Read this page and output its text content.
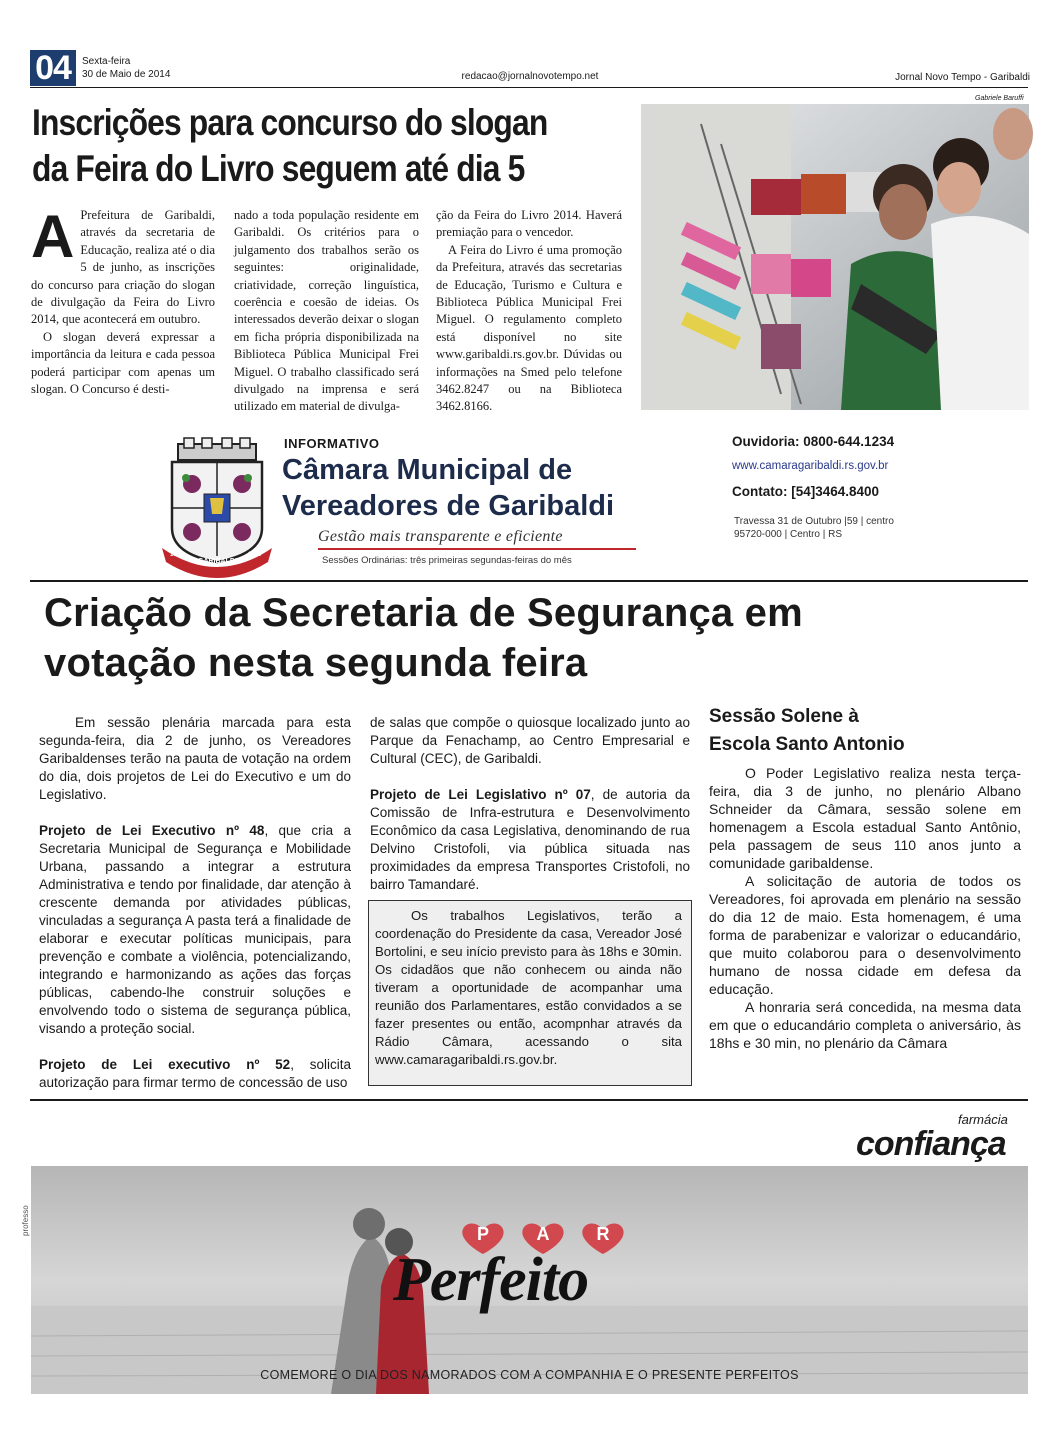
04	Sexta-feira
30 de Maio de 2014	redacao@jornalnovotempo.net	Jornal Novo Tempo - Garibaldi
Inscrições para concurso do slogan
da Feira do Livro seguem até dia 5
A Prefeitura de Garibaldi, através da secretaria de Educação, realiza até o dia 5 de junho, as inscrições do concurso para criação do slogan de divulgação da Feira do Livro 2014, que acontecerá em outubro.

O slogan deverá expressar a importância da leitura e cada pessoa poderá participar com apenas um slogan. O Concurso é desti-

nado a toda população residente em Garibaldi. Os critérios para o julgamento dos trabalhos serão os seguintes: originalidade, criatividade, correção linguística, coerência e coesão de ideias. Os interessados deverão deixar o slogan em ficha própria disponibilizada na Biblioteca Pública Municipal Frei Miguel. O trabalho classificado será divulgado na imprensa e será utilizado em material de divulga-

ção da Feira do Livro 2014. Haverá premiação para o vencedor.

A Feira do Livro é uma promoção da Prefeitura, através das secretarias de Educação, Turismo e Cultura e Biblioteca Pública Municipal Frei Miguel. O regulamento completo está disponível no site www.garibaldi.rs.gov.br. Dúvidas ou informações na Smed pelo telefone 3462.8247 ou na Biblioteca 3462.8166.

Gabriele Baruffi
GARIBALDI
1870	1900
INFORMATIVO
Câmara Municipal de
Vereadores de Garibaldi
Gestão mais transparente e eficiente
Sessões Ordinárias: três primeiras segundas-feiras do mês
Ouvidoria: 0800-644.1234
www.camaragaribaldi.rs.gov.br
Contato: [54]3464.8400
Travessa 31 de Outubro |59 | centro
95720-000 | Centro | RS
Criação da Secretaria de Segurança em
votação nesta segunda feira

Em sessão plenária marcada para esta segunda-feira, dia 2 de junho, os Vereadores Garibaldenses terão na pauta de votação na ordem do dia, dois projetos de Lei do Executivo e um do Legislativo.

Projeto de Lei Executivo nº 48, que cria a Secretaria Municipal de Segurança e Mobilidade Urbana, passando a integrar a estrutura Administrativa e tendo por finalidade, dar atenção à crescente demanda por atividades públicas, vinculadas a segurança A pasta terá a finalidade de elaborar e executar políticas municipais, para prevenção e combate a violência, potencializando, integrando e harmonizando as ações das forças públicas, cabendo-lhe construir soluções e envolvendo todo o sistema de segurança pública, visando a proteção social.

Projeto de Lei executivo nº 52, solicita autorização para firmar termo de concessão de uso

de salas que compõe o quiosque localizado junto ao Parque da Fenachamp, ao Centro Empresarial e Cultural (CEC), de Garibaldi.

Projeto de Lei Legislativo nº 07, de autoria da Comissão de Infra-estrutura e Desenvolvimento Econômico da casa Legislativa, denominando de rua Delvino Cristofoli, via pública situada nas proximidades da empresa Transportes Cristofoli, no bairro Tamandaré.

Os trabalhos Legislativos, terão a coordenação do Presidente da casa, Vereador José Bortolini, e seu início previsto para às 18hs e 30min. Os cidadãos que não conhecem ou ainda não tiveram a oportunidade de acompanhar uma reunião dos Parlamentares, estão convidados a se fazer presentes ou então, acompnhar através da Rádio Câmara, acessando o sita www.camaragaribaldi.rs.gov.br.

Sessão Solene à
Escola Santo Antonio

O Poder Legislativo realiza nesta terça-feira, dia 3 de junho, no plenário Albano Schneider da Câmara, sessão solene em homenagem a Escola estadual Santo Antônio, pela passagem de seus 110 anos junto a comunidade garibaldense.

A solicitação de autoria de todos os Vereadores, foi aprovada em plenário na sessão do dia 12 de maio. Esta homenagem, é uma forma de parabenizar e valorizar o educandário, que muito colaborou para o desenvolvimento humano de nossa cidade em defesa da educação.

A honraria será concedida, na mesma data em que o educandário completa o aniversário, às 18hs e 30 min, no plenário da Câmara

farmácia
confiança
P	A	R
Perfeito
COMEMORE O DIA DOS NAMORADOS COM A COMPANHIA E O PRESENTE PERFEITOS
professo
